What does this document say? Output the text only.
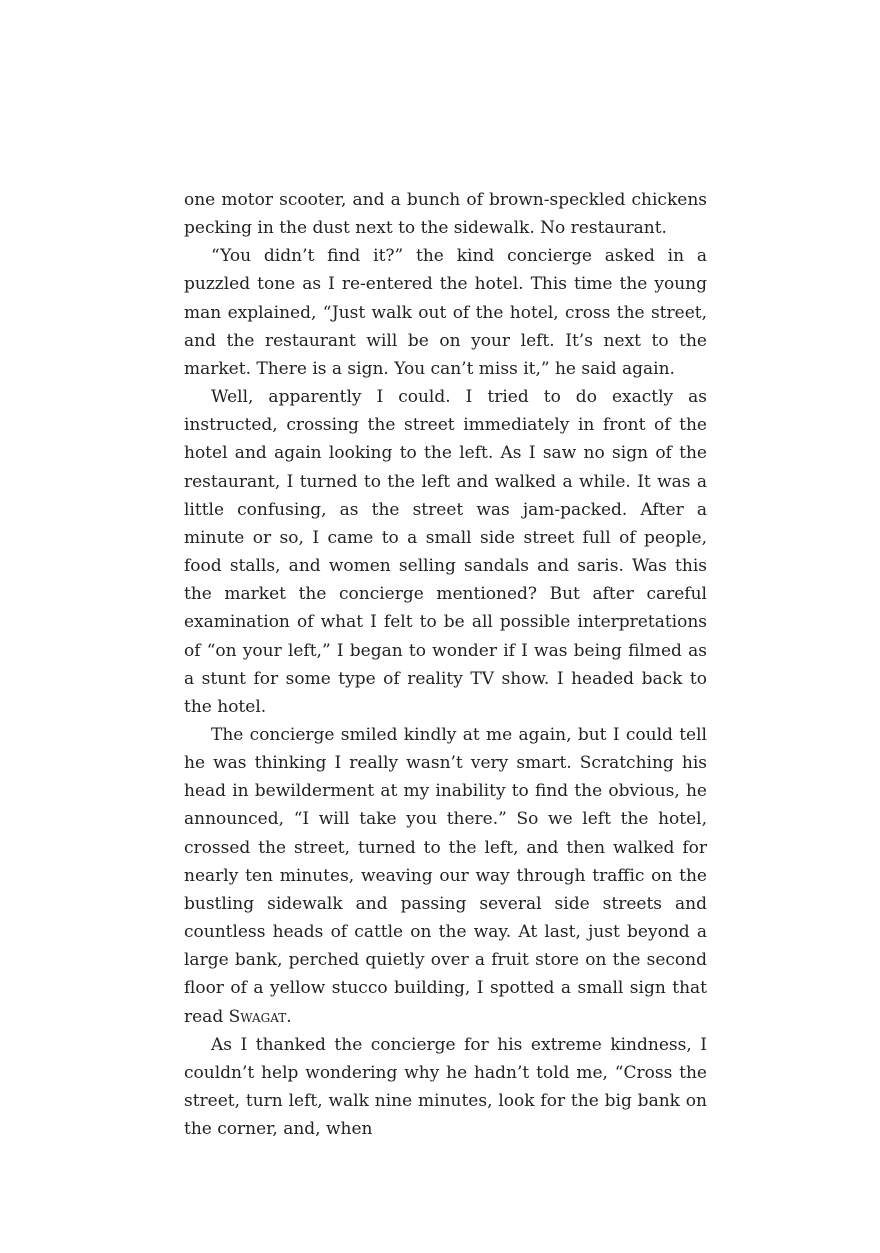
one motor scooter, and a bunch of brown-speckled chickens pecking in the dust next to the sidewalk. No restaurant.

“You didn’t find it?” the kind concierge asked in a puzzled tone as I re-entered the hotel. This time the young man explained, “Just walk out of the hotel, cross the street, and the restaurant will be on your left. It’s next to the market. There is a sign. You can’t miss it,” he said again.

Well, apparently I could. I tried to do exactly as instructed, crossing the street immediately in front of the hotel and again looking to the left. As I saw no sign of the restaurant, I turned to the left and walked a while. It was a little confusing, as the street was jam-packed. After a minute or so, I came to a small side street full of people, food stalls, and women selling sandals and saris. Was this the market the concierge mentioned? But after careful examination of what I felt to be all possible interpretations of “on your left,” I began to wonder if I was being filmed as a stunt for some type of reality TV show. I headed back to the hotel.

The concierge smiled kindly at me again, but I could tell he was thinking I really wasn’t very smart. Scratching his head in bewilderment at my inability to find the obvious, he announced, “I will take you there.” So we left the hotel, crossed the street, turned to the left, and then walked for nearly ten minutes, weaving our way through traffic on the bustling sidewalk and passing several side streets and countless heads of cattle on the way. At last, just beyond a large bank, perched quietly over a fruit store on the second floor of a yellow stucco building, I spotted a small sign that read Swagat.

As I thanked the concierge for his extreme kindness, I couldn’t help wondering why he hadn’t told me, “Cross the street, turn left, walk nine minutes, look for the big bank on the corner, and, when
